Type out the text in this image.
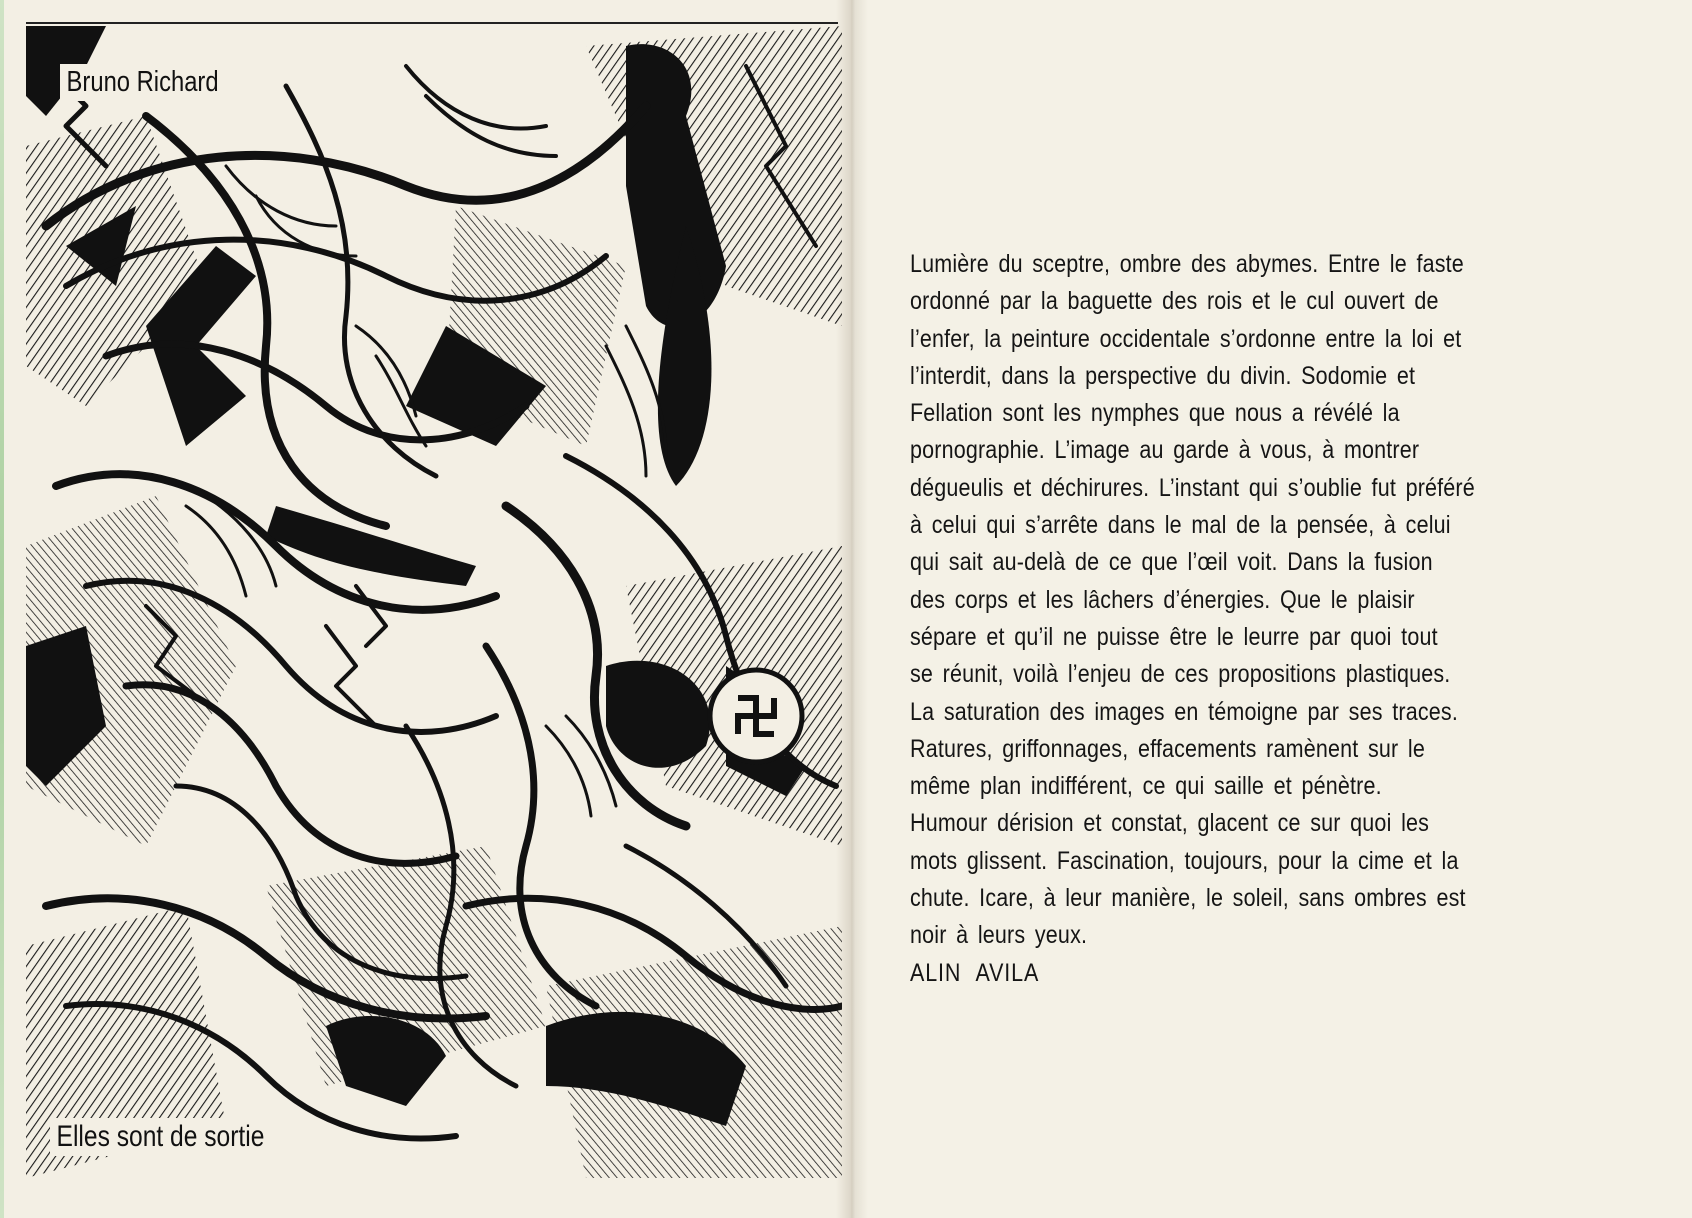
Bruno Richard
Elles sont de sortie
Lumière du sceptre, ombre des abymes. Entre le faste
ordonné par la baguette des rois et le cul ouvert de
l’enfer, la peinture occidentale s’ordonne entre la loi et
l’interdit, dans la perspective du divin. Sodomie et
Fellation sont les nymphes que nous a révélé la
pornographie. L’image au garde à vous, à montrer
dégueulis et déchirures. L’instant qui s’oublie fut préféré
à celui qui s’arrête dans le mal de la pensée, à celui
qui sait au-delà de ce que l’œil voit. Dans la fusion
des corps et les lâchers d’énergies. Que le plaisir
sépare et qu’il ne puisse être le leurre par quoi tout
se réunit, voilà l’enjeu de ces propositions plastiques.
La saturation des images en témoigne par ses traces.
Ratures, griffonnages, effacements ramènent sur le
même plan indifférent, ce qui saille et pénètre.
Humour dérision et constat, glacent ce sur quoi les
mots glissent. Fascination, toujours, pour la cime et la
chute. Icare, à leur manière, le soleil, sans ombres est
noir à leurs yeux.
ALIN AVILA
